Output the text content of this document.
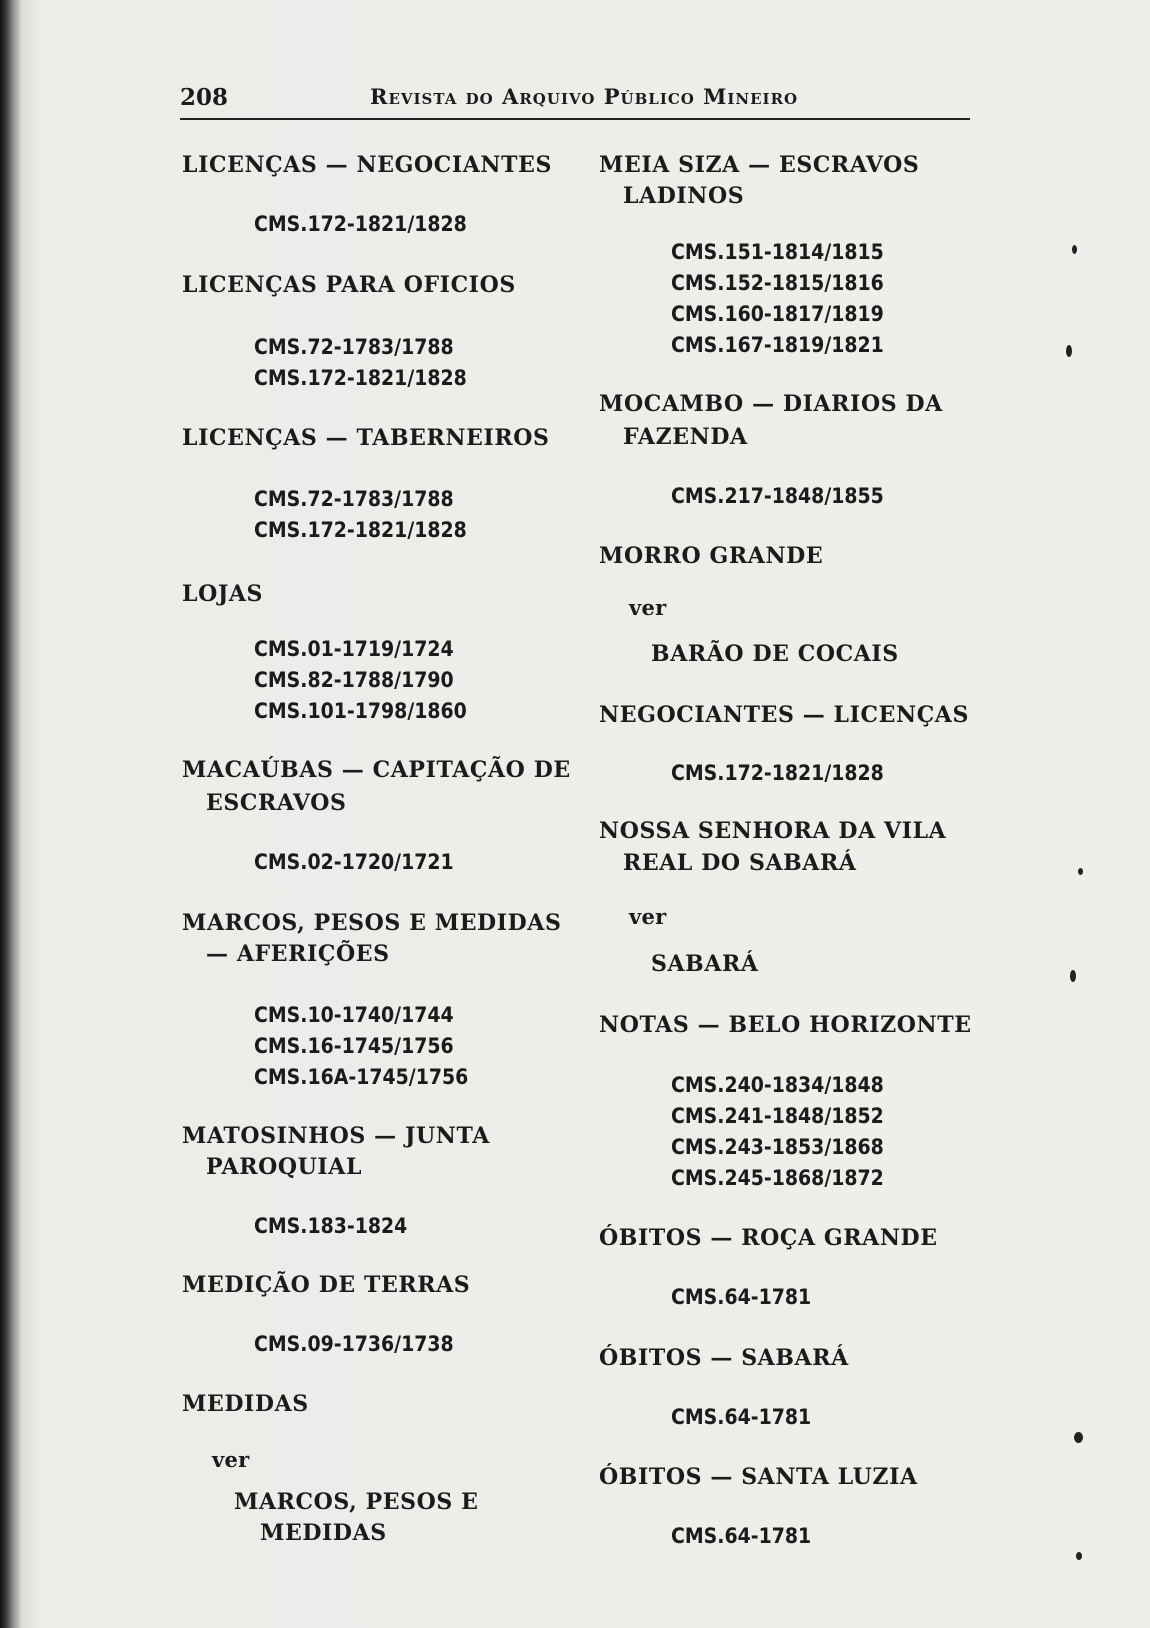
208	Revista do Arquivo Público Mineiro
LICENÇAS — NEGOCIANTES
CMS.172-1821/1828
LICENÇAS PARA OFICIOS
CMS.72-1783/1788
CMS.172-1821/1828
LICENÇAS — TABERNEIROS
CMS.72-1783/1788
CMS.172-1821/1828
LOJAS
CMS.01-1719/1724
CMS.82-1788/1790
CMS.101-1798/1860
MACAÚBAS — CAPITAÇÃO DE
ESCRAVOS
CMS.02-1720/1721
MARCOS, PESOS E MEDIDAS
— AFERIÇÕES
CMS.10-1740/1744
CMS.16-1745/1756
CMS.16A-1745/1756
MATOSINHOS — JUNTA
PAROQUIAL
CMS.183-1824
MEDIÇÃO DE TERRAS
CMS.09-1736/1738
MEDIDAS
ver
MARCOS, PESOS E
MEDIDAS
MEIA SIZA — ESCRAVOS
LADINOS
CMS.151-1814/1815
CMS.152-1815/1816
CMS.160-1817/1819
CMS.167-1819/1821
MOCAMBO — DIARIOS DA
FAZENDA
CMS.217-1848/1855
MORRO GRANDE
ver
BARÃO DE COCAIS
NEGOCIANTES — LICENÇAS
CMS.172-1821/1828
NOSSA SENHORA DA VILA
REAL DO SABARÁ
ver
SABARÁ
NOTAS — BELO HORIZONTE
CMS.240-1834/1848
CMS.241-1848/1852
CMS.243-1853/1868
CMS.245-1868/1872
ÓBITOS — ROÇA GRANDE
CMS.64-1781
ÓBITOS — SABARÁ
CMS.64-1781
ÓBITOS — SANTA LUZIA
CMS.64-1781
